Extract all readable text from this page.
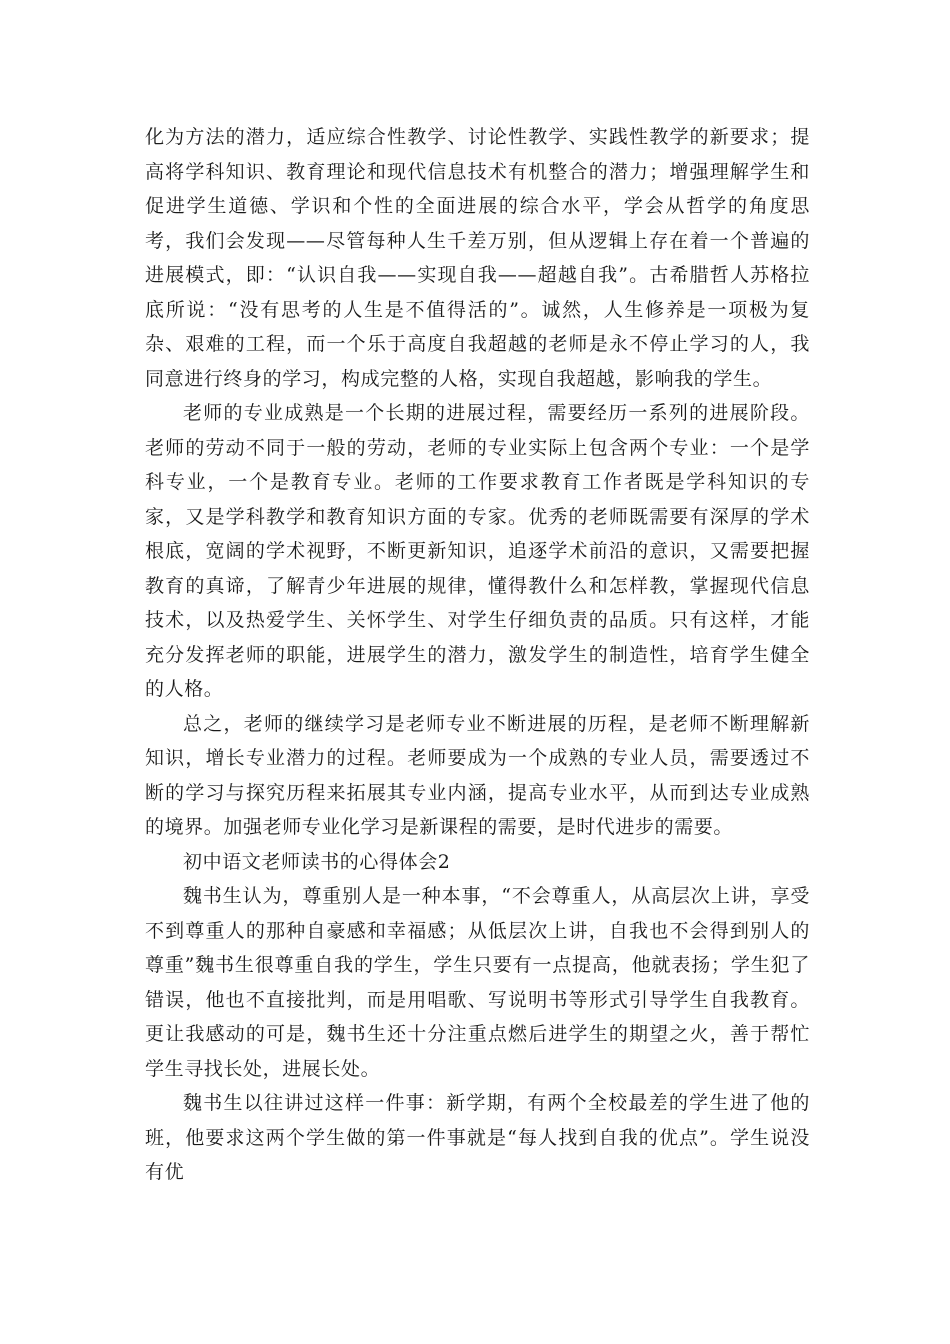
化为方法的潜力，适应综合性教学、讨论性教学、实践性教学的新要求；提高将学科知识、教育理论和现代信息技术有机整合的潜力；增强理解学生和促进学生道德、学识和个性的全面进展的综合水平，学会从哲学的角度思考，我们会发现——尽管每种人生千差万别，但从逻辑上存在着一个普遍的进展模式，即：“认识自我——实现自我——超越自我”。古希腊哲人苏格拉底所说：“没有思考的人生是不值得活的”。诚然，人生修养是一项极为复杂、艰难的工程，而一个乐于高度自我超越的老师是永不停止学习的人，我同意进行终身的学习，构成完整的人格，实现自我超越，影响我的学生。

老师的专业成熟是一个长期的进展过程，需要经历一系列的进展阶段。老师的劳动不同于一般的劳动，老师的专业实际上包含两个专业：一个是学科专业，一个是教育专业。老师的工作要求教育工作者既是学科知识的专家，又是学科教学和教育知识方面的专家。优秀的老师既需要有深厚的学术根底，宽阔的学术视野，不断更新知识，追逐学术前沿的意识，又需要把握教育的真谛，了解青少年进展的规律，懂得教什么和怎样教，掌握现代信息技术，以及热爱学生、关怀学生、对学生仔细负责的品质。只有这样，才能充分发挥老师的职能，进展学生的潜力，激发学生的制造性，培育学生健全的人格。

总之，老师的继续学习是老师专业不断进展的历程，是老师不断理解新知识，增长专业潜力的过程。老师要成为一个成熟的专业人员，需要透过不断的学习与探究历程来拓展其专业内涵，提高专业水平，从而到达专业成熟的境界。加强老师专业化学习是新课程的需要，是时代进步的需要。

初中语文老师读书的心得体会2

魏书生认为，尊重别人是一种本事，“不会尊重人，从高层次上讲，享受不到尊重人的那种自豪感和幸福感；从低层次上讲，自我也不会得到别人的尊重”魏书生很尊重自我的学生，学生只要有一点提高，他就表扬；学生犯了错误，他也不直接批判，而是用唱歌、写说明书等形式引导学生自我教育。更让我感动的可是，魏书生还十分注重点燃后进学生的期望之火，善于帮忙学生寻找长处，进展长处。

魏书生以往讲过这样一件事：新学期，有两个全校最差的学生进了他的班，他要求这两个学生做的第一件事就是“每人找到自我的优点”。学生说没有优
